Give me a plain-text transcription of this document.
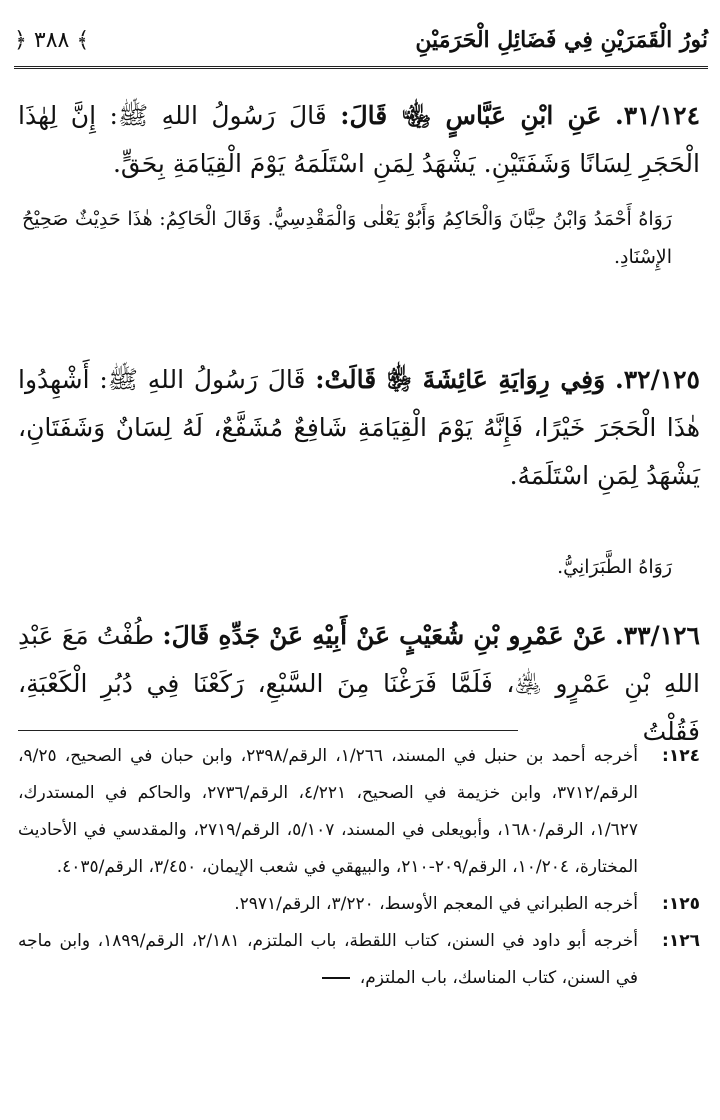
نُورُ الْقَمَرَيْنِ فِي فَضَائِلِ الْحَرَمَيْنِ
﴿ ٣٨٨ ﴾
٣١/١٢٤. عَنِ ابْنِ عَبَّاسٍ ﵄ قَالَ: قَالَ رَسُولُ اللهِ ﷺ: إِنَّ لِهٰذَا الْحَجَرِ لِسَانًا وَشَفَتَيْنِ. يَشْهَدُ لِمَنِ اسْتَلَمَهُ يَوْمَ الْقِيَامَةِ بِحَقٍّ.
رَوَاهُ أَحْمَدُ وَابْنُ حِبَّانَ وَالْحَاكِمُ وَأَبُوْ يَعْلٰى وَالْمَقْدِسِيُّ. وَقَالَ الْحَاكِمُ: هٰذَا حَدِيْثٌ صَحِيْحُ الإِسْنَادِ.
٣٢/١٢٥. وَفِي رِوَايَةِ عَائِشَةَ ﵂ قَالَتْ: قَالَ رَسُولُ اللهِ ﷺ: أَشْهِدُوا هٰذَا الْحَجَرَ خَيْرًا، فَإِنَّهُ يَوْمَ الْقِيَامَةِ شَافِعٌ مُشَفَّعٌ، لَهُ لِسَانٌ وَشَفَتَانِ، يَشْهَدُ لِمَنِ اسْتَلَمَهُ.
رَوَاهُ الطَّبَرَانِيُّ.
٣٣/١٢٦. عَنْ عَمْرِو بْنِ شُعَيْبٍ عَنْ أَبِيْهِ عَنْ جَدِّهِ قَالَ: طُفْتُ مَعَ عَبْدِ اللهِ بْنِ عَمْرٍو ﵁، فَلَمَّا فَرَغْنَا مِنَ السَّبْعِ، رَكَعْنَا فِي دُبُرِ الْكَعْبَةِ، فَقُلْتُ
١٢٤:
أخرجه أحمد بن حنبل في المسند، ١/٢٦٦، الرقم/٢٣٩٨، وابن حبان في الصحيح، ٩/٢٥، الرقم/٣٧١٢، وابن خزيمة في الصحيح، ٤/٢٢١، الرقم/٢٧٣٦، والحاكم في المستدرك، ١/٦٢٧، الرقم/١٦٨٠، وأبويعلى في المسند، ٥/١٠٧، الرقم/٢٧١٩، والمقدسي في الأحاديث المختارة، ١٠/٢٠٤، الرقم/٢٠٩-٢١٠، والبيهقي في شعب الإيمان، ٣/٤٥٠، الرقم/٤٠٣٥.
١٢٥:
أخرجه الطبراني في المعجم الأوسط، ٣/٢٢٠، الرقم/٢٩٧١.
١٢٦:
أخرجه أبو داود في السنن، كتاب اللقطة، باب الملتزم، ٢/١٨١، الرقم/١٨٩٩، وابن ماجه في السنن، كتاب المناسك، باب الملتزم،
